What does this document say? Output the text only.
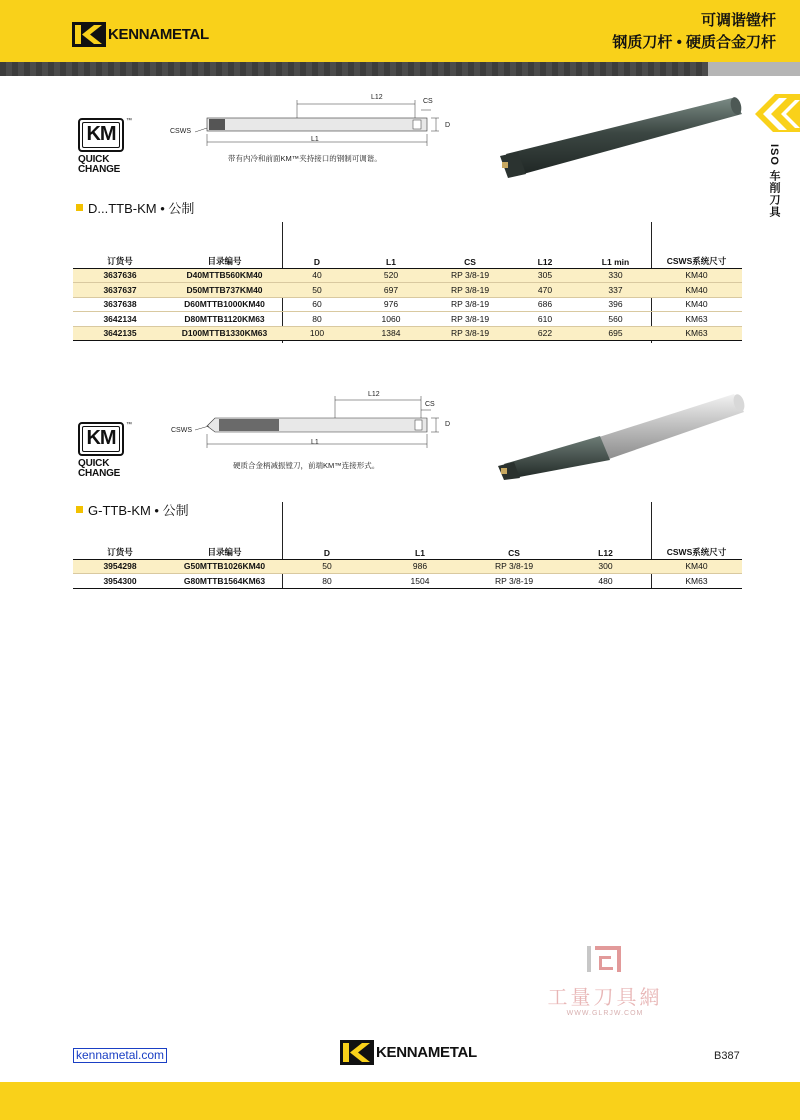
KENNAMETAL
可调谐镗杆
钢质刀杆 • 硬质合金刀杆
ISO 车削刀具
KM
™
QUICK
CHANGE
L12
CS
D
CSWS
L1
带有内冷和前面KM™夹持接口的钢制可调谐。
D...TTB-KM • 公制
订货号	目录编号	D	L1	CS	L12	L1 min	CSWS系统尺寸
3637636	D40MTTB560KM40	40	520	RP 3/8-19	305	330	KM40
3637637	D50MTTB737KM40	50	697	RP 3/8-19	470	337	KM40
3637638	D60MTTB1000KM40	60	976	RP 3/8-19	686	396	KM40
3642134	D80MTTB1120KM63	80	1060	RP 3/8-19	610	560	KM63
3642135	D100MTTB1330KM63	100	1384	RP 3/8-19	622	695	KM63
KM
™
QUICK
CHANGE
L12
CS
D
CSWS
L1
硬质合金柄减振镗刀，前端KM™连接形式。
G-TTB-KM • 公制
订货号	目录编号	D	L1	CS	L12	CSWS系统尺寸
3954298	G50MTTB1026KM40	50	986	RP 3/8-19	300	KM40
3954300	G80MTTB1564KM63	80	1504	RP 3/8-19	480	KM63
工量刀具網
WWW.GLRJW.COM
kennametal.com	KENNAMETAL	B387
